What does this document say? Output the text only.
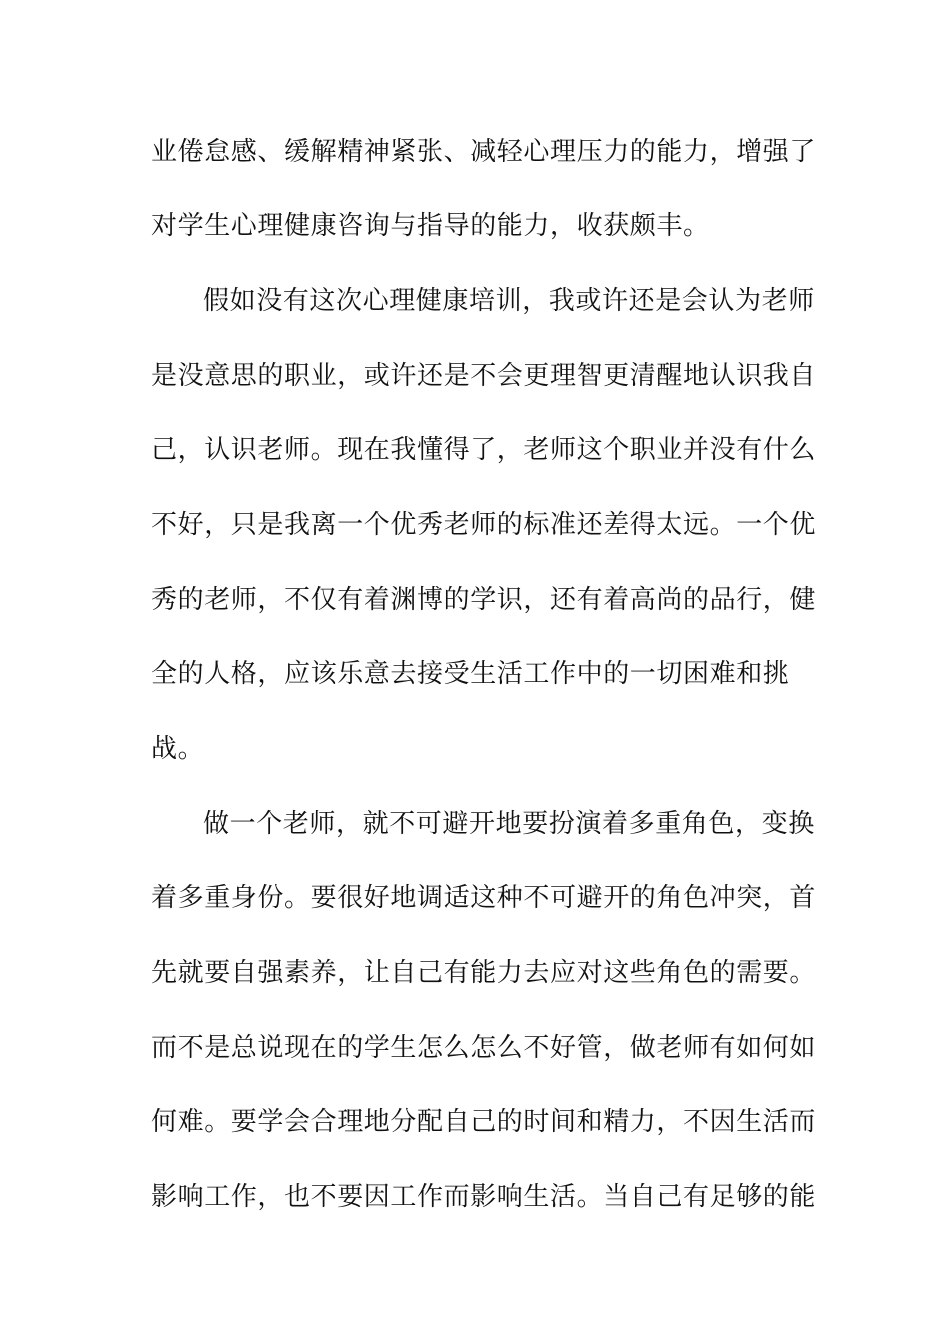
业倦怠感、缓解精神紧张、减轻心理压力的能力，增强了
对学生心理健康咨询与指导的能力，收获颇丰。
假如没有这次心理健康培训，我或许还是会认为老师
是没意思的职业，或许还是不会更理智更清醒地认识我自
己，认识老师。现在我懂得了，老师这个职业并没有什么
不好，只是我离一个优秀老师的标准还差得太远。一个优
秀的老师，不仅有着渊博的学识，还有着高尚的品行，健
全的人格，应该乐意去接受生活工作中的一切困难和挑
战。
做一个老师，就不可避开地要扮演着多重角色，变换
着多重身份。要很好地调适这种不可避开的角色冲突，首
先就要自强素养，让自己有能力去应对这些角色的需要。
而不是总说现在的学生怎么怎么不好管，做老师有如何如
何难。要学会合理地分配自己的时间和精力，不因生活而
影响工作，也不要因工作而影响生活。当自己有足够的能
